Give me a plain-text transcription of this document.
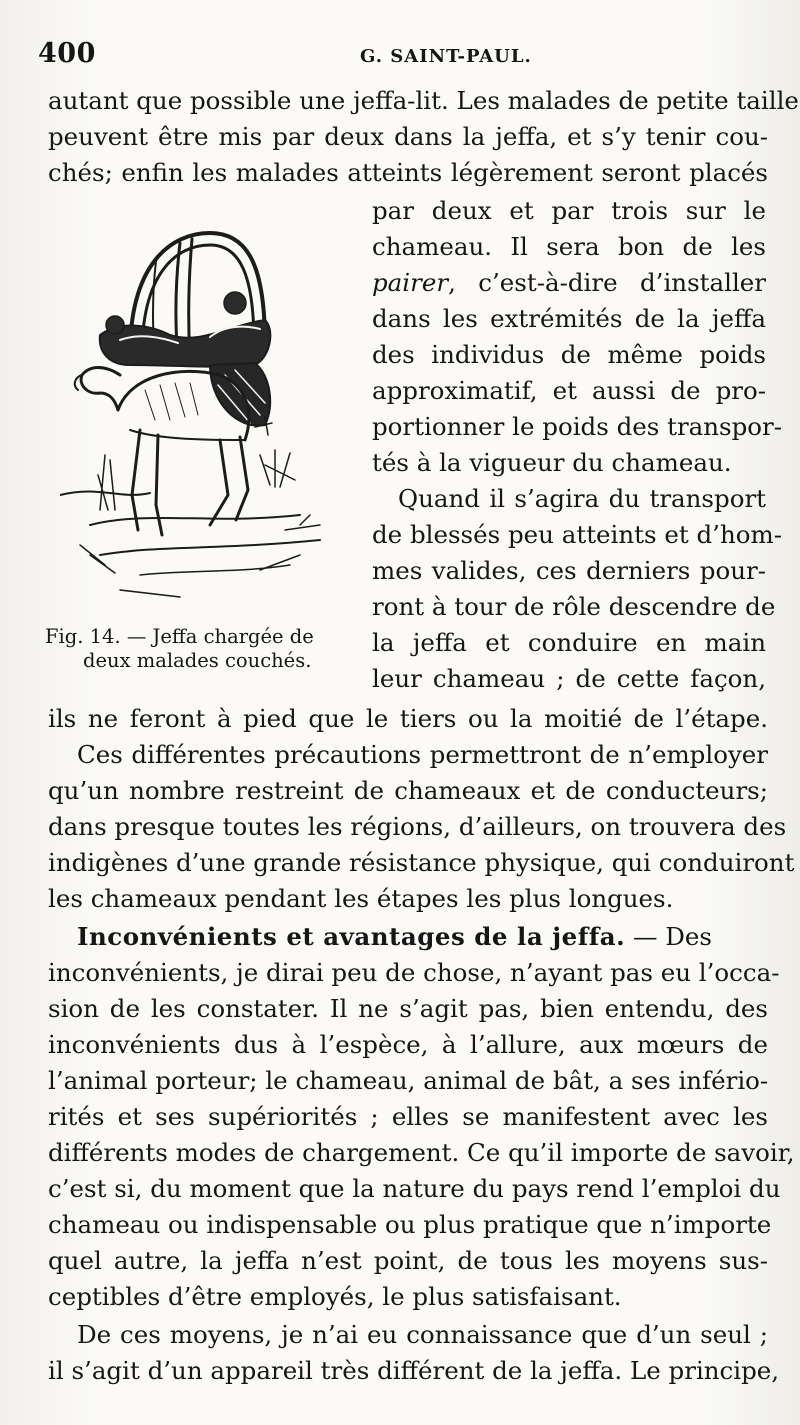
400	G. SAINT-PAUL.
autant que possible une jeffa-lit. Les malades de petite taille
peuvent être mis par deux dans la jeffa, et s’y tenir cou-
chés; enfin les malades atteints légèrement seront placés
par deux et par trois sur le
chameau. Il sera bon de les
pairer, c’est-à-dire d’installer
dans les extrémités de la jeffa
des individus de même poids
approximatif, et aussi de pro-
portionner le poids des transpor-
tés à la vigueur du chameau.
Quand il s’agira du transport
de blessés peu atteints et d’hom-
mes valides, ces derniers pour-
ront à tour de rôle descendre de
la jeffa et conduire en main
leur chameau ; de cette façon,
Fig. 14. — Jeffa chargée de
deux malades couchés.
ils ne feront à pied que le tiers ou la moitié de l’étape.
Ces différentes précautions permettront de n’employer
qu’un nombre restreint de chameaux et de conducteurs;
dans presque toutes les régions, d’ailleurs, on trouvera des
indigènes d’une grande résistance physique, qui conduiront
les chameaux pendant les étapes les plus longues.
Inconvénients et avantages de la jeffa. — Des
inconvénients, je dirai peu de chose, n’ayant pas eu l’occa-
sion de les constater. Il ne s’agit pas, bien entendu, des
inconvénients dus à l’espèce, à l’allure, aux mœurs de
l’animal porteur; le chameau, animal de bât, a ses infério-
rités et ses supériorités ; elles se manifestent avec les
différents modes de chargement. Ce qu’il importe de savoir,
c’est si, du moment que la nature du pays rend l’emploi du
chameau ou indispensable ou plus pratique que n’importe
quel autre, la jeffa n’est point, de tous les moyens sus-
ceptibles d’être employés, le plus satisfaisant.
De ces moyens, je n’ai eu connaissance que d’un seul ;
il s’agit d’un appareil très différent de la jeffa. Le principe,
